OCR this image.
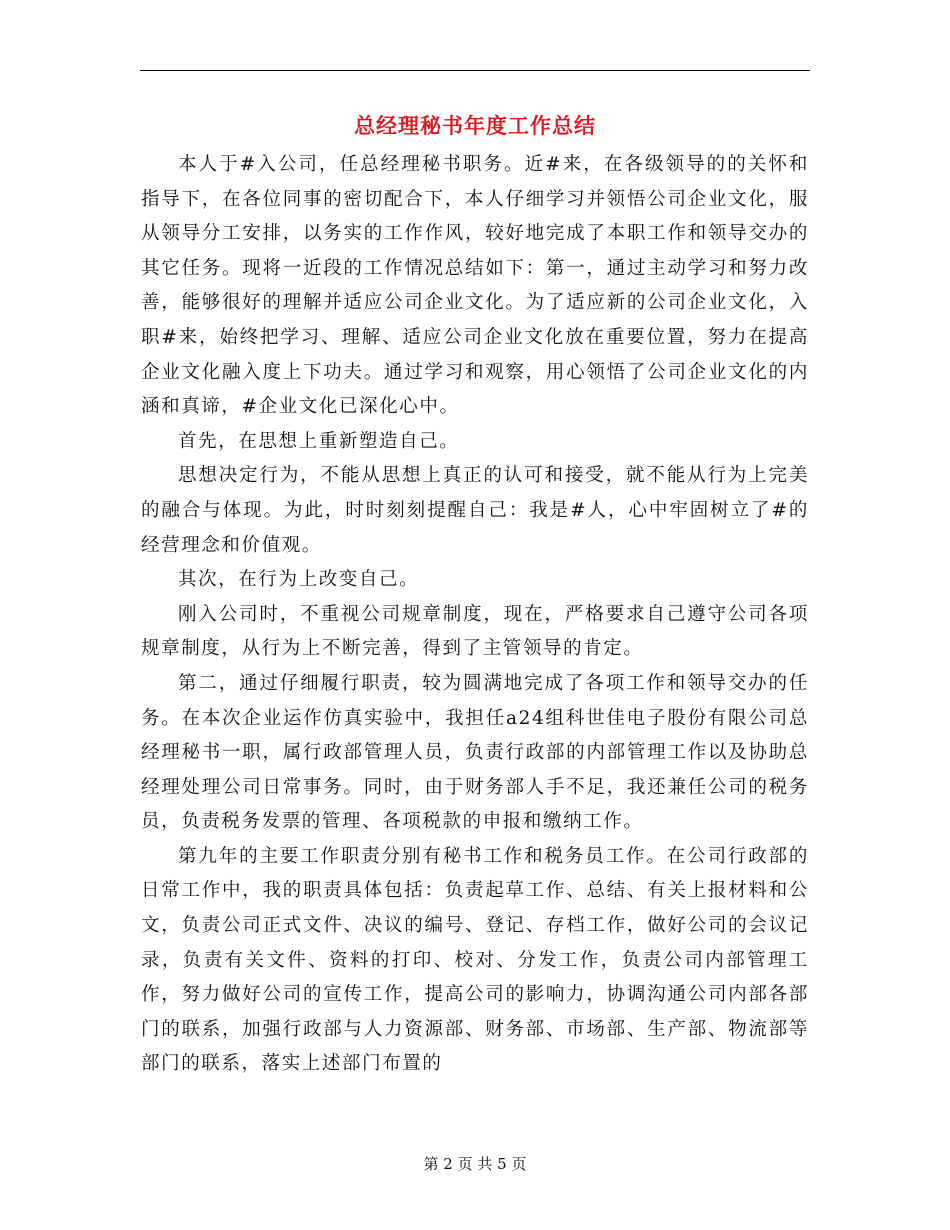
总经理秘书年度工作总结

本人于#入公司，任总经理秘书职务。近#来，在各级领导的的关怀和指导下，在各位同事的密切配合下，本人仔细学习并领悟公司企业文化，服从领导分工安排，以务实的工作作风，较好地完成了本职工作和领导交办的其它任务。现将一近段的工作情况总结如下：第一，通过主动学习和努力改善，能够很好的理解并适应公司企业文化。为了适应新的公司企业文化，入职#来，始终把学习、理解、适应公司企业文化放在重要位置，努力在提高企业文化融入度上下功夫。通过学习和观察，用心领悟了公司企业文化的内涵和真谛，#企业文化已深化心中。

首先，在思想上重新塑造自己。

思想决定行为，不能从思想上真正的认可和接受，就不能从行为上完美的融合与体现。为此，时时刻刻提醒自己：我是#人，心中牢固树立了#的经营理念和价值观。

其次，在行为上改变自己。

刚入公司时，不重视公司规章制度，现在，严格要求自己遵守公司各项规章制度，从行为上不断完善，得到了主管领导的肯定。

第二，通过仔细履行职责，较为圆满地完成了各项工作和领导交办的任务。在本次企业运作仿真实验中，我担任a24组科世佳电子股份有限公司总经理秘书一职，属行政部管理人员，负责行政部的内部管理工作以及协助总经理处理公司日常事务。同时，由于财务部人手不足，我还兼任公司的税务员，负责税务发票的管理、各项税款的申报和缴纳工作。

第九年的主要工作职责分别有秘书工作和税务员工作。在公司行政部的日常工作中，我的职责具体包括：负责起草工作、总结、有关上报材料和公文，负责公司正式文件、决议的编号、登记、存档工作，做好公司的会议记录，负责有关文件、资料的打印、校对、分发工作，负责公司内部管理工作，努力做好公司的宣传工作，提高公司的影响力，协调沟通公司内部各部门的联系，加强行政部与人力资源部、财务部、市场部、生产部、物流部等部门的联系，落实上述部门布置的

第 2 页 共 5 页
